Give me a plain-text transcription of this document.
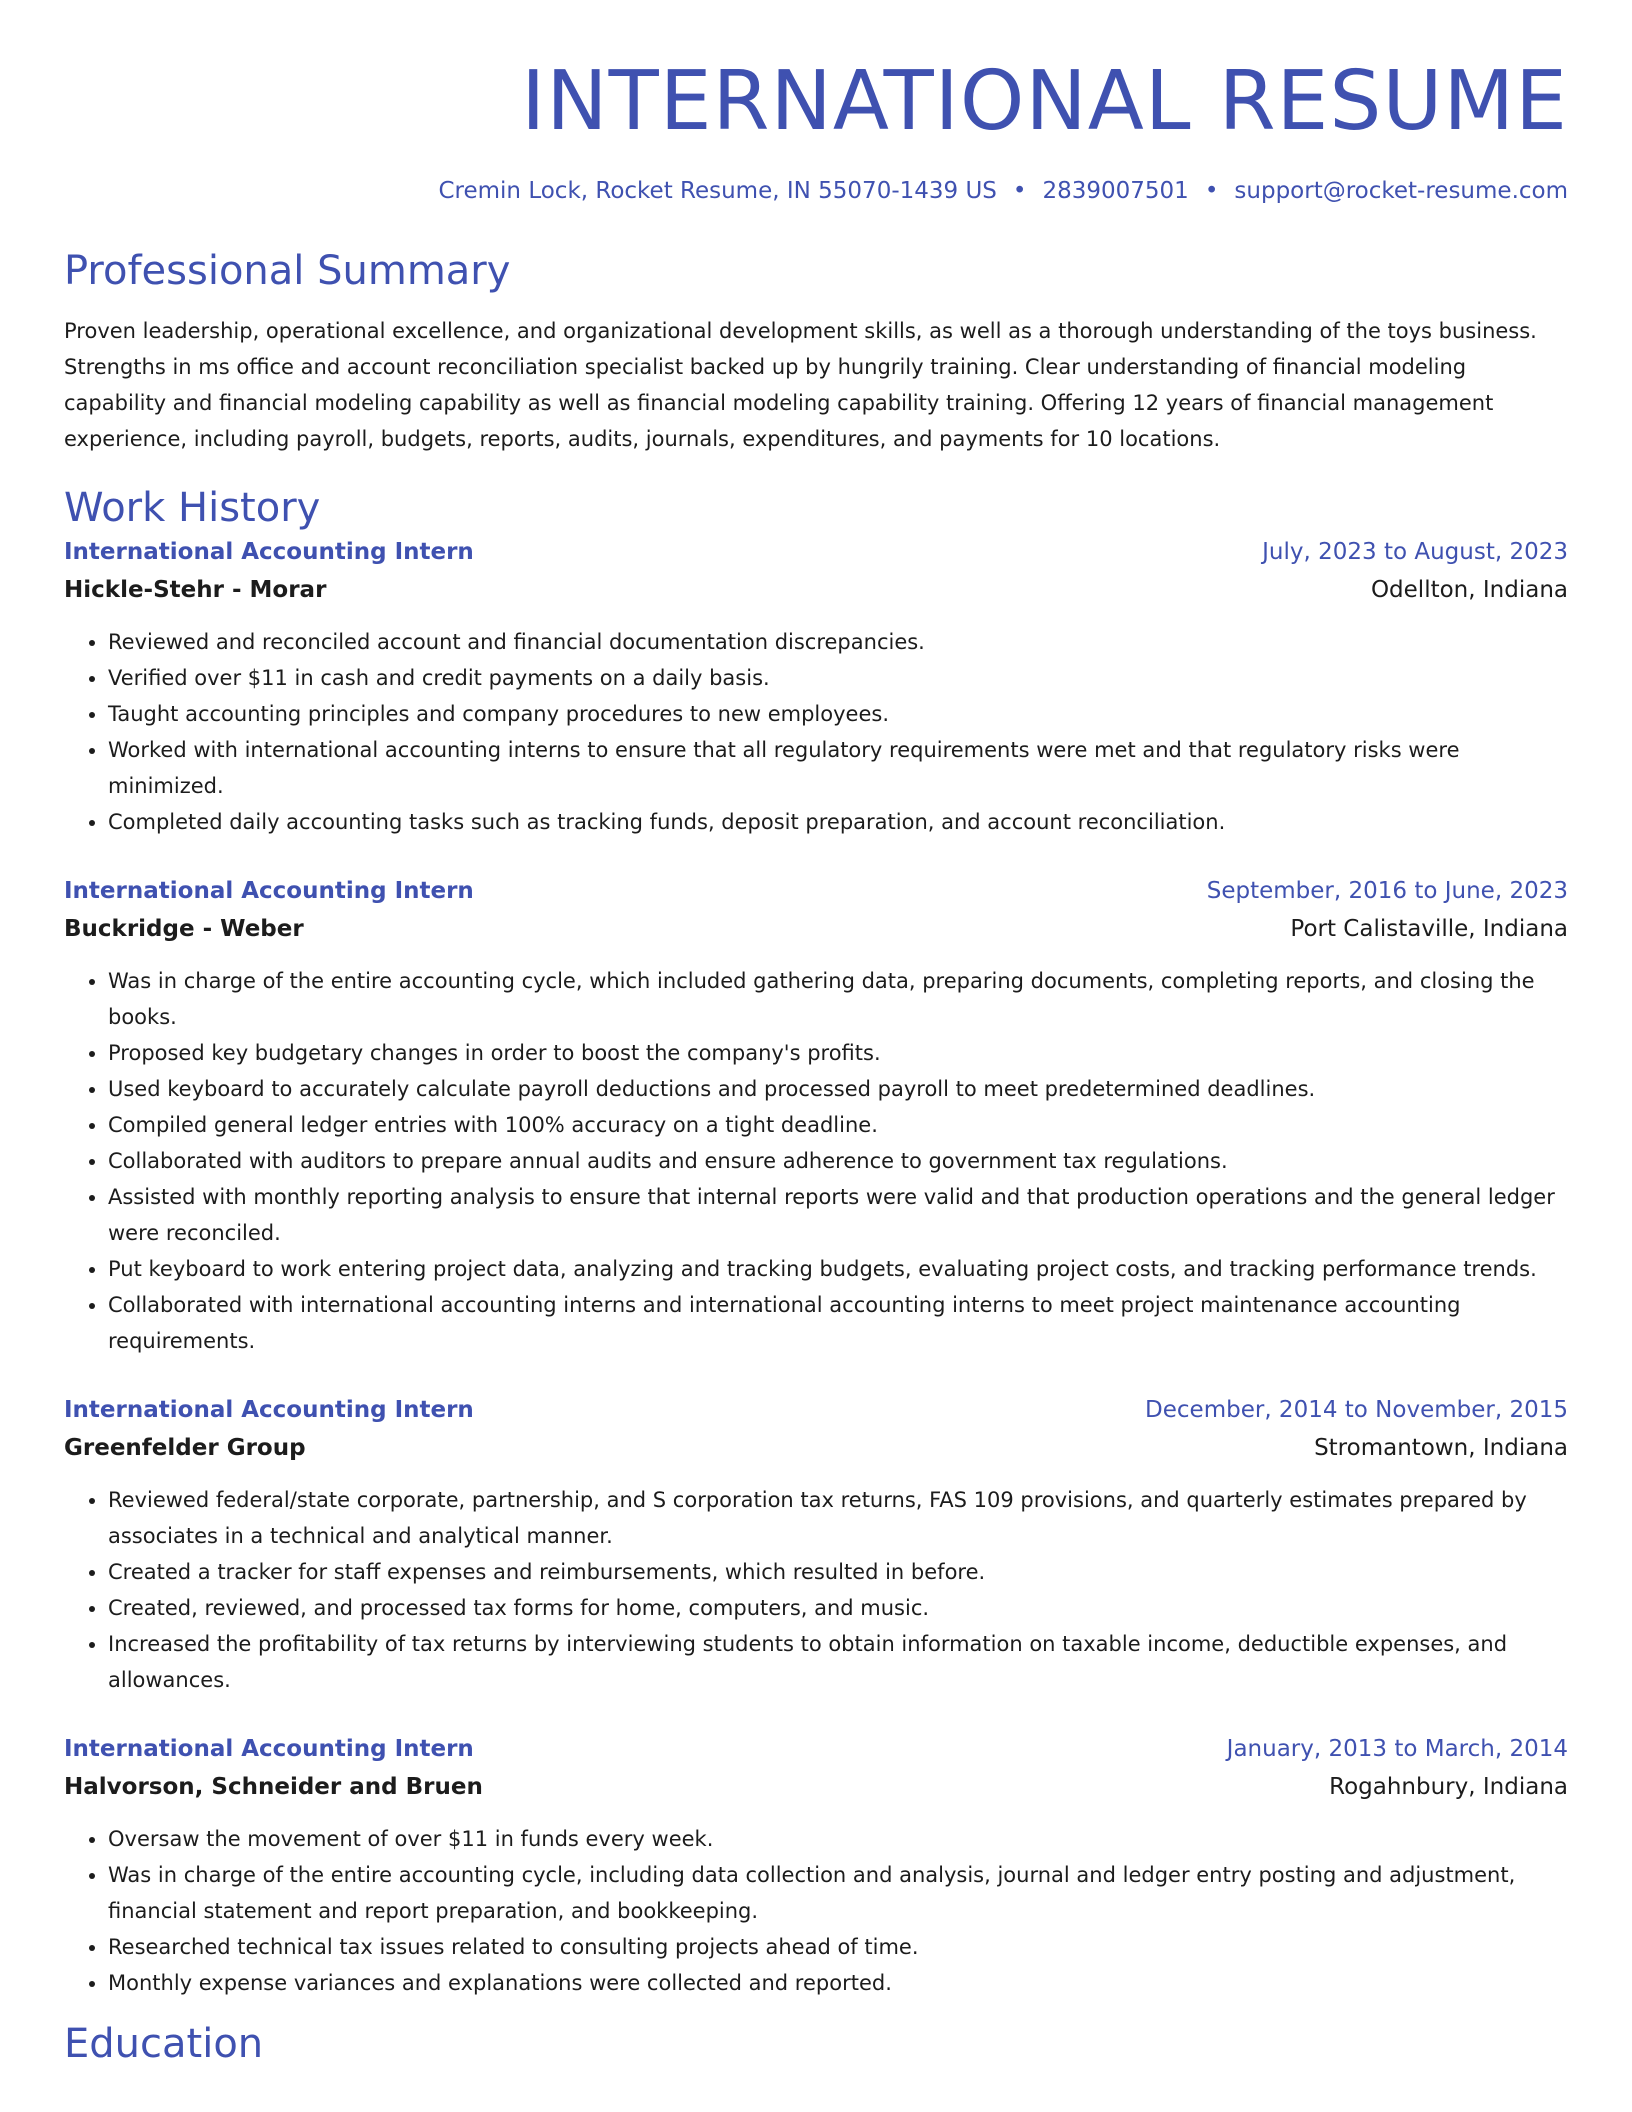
INTERNATIONAL RESUME
Cremin Lock, Rocket Resume, IN 55070-1439 US • 2839007501 • support@rocket-resume.com
Professional Summary

Proven leadership, operational excellence, and organizational development skills, as well as a thorough understanding of the toys business. Strengths in ms office and account reconciliation specialist backed up by hungrily training. Clear understanding of financial modeling capability and financial modeling capability as well as financial modeling capability training. Offering 12 years of financial management experience, including payroll, budgets, reports, audits, journals, expenditures, and payments for 10 locations.

Work History
International Accounting Intern	July, 2023 to August, 2023
Hickle-Stehr - Morar	Odellton, Indiana
• Reviewed and reconciled account and financial documentation discrepancies.
• Verified over $11 in cash and credit payments on a daily basis.
• Taught accounting principles and company procedures to new employees.
• Worked with international accounting interns to ensure that all regulatory requirements were met and that regulatory risks were minimized.
• Completed daily accounting tasks such as tracking funds, deposit preparation, and account reconciliation.
International Accounting Intern	September, 2016 to June, 2023
Buckridge - Weber	Port Calistaville, Indiana
• Was in charge of the entire accounting cycle, which included gathering data, preparing documents, completing reports, and closing the books.
• Proposed key budgetary changes in order to boost the company's profits.
• Used keyboard to accurately calculate payroll deductions and processed payroll to meet predetermined deadlines.
• Compiled general ledger entries with 100% accuracy on a tight deadline.
• Collaborated with auditors to prepare annual audits and ensure adherence to government tax regulations.
• Assisted with monthly reporting analysis to ensure that internal reports were valid and that production operations and the general ledger were reconciled.
• Put keyboard to work entering project data, analyzing and tracking budgets, evaluating project costs, and tracking performance trends.
• Collaborated with international accounting interns and international accounting interns to meet project maintenance accounting requirements.
International Accounting Intern	December, 2014 to November, 2015
Greenfelder Group	Stromantown, Indiana
• Reviewed federal/state corporate, partnership, and S corporation tax returns, FAS 109 provisions, and quarterly estimates prepared by associates in a technical and analytical manner.
• Created a tracker for staff expenses and reimbursements, which resulted in before.
• Created, reviewed, and processed tax forms for home, computers, and music.
• Increased the profitability of tax returns by interviewing students to obtain information on taxable income, deductible expenses, and allowances.
International Accounting Intern	January, 2013 to March, 2014
Halvorson, Schneider and Bruen	Rogahnbury, Indiana
• Oversaw the movement of over $11 in funds every week.
• Was in charge of the entire accounting cycle, including data collection and analysis, journal and ledger entry posting and adjustment, financial statement and report preparation, and bookkeeping.
• Researched technical tax issues related to consulting projects ahead of time.
• Monthly expense variances and explanations were collected and reported.
Education
